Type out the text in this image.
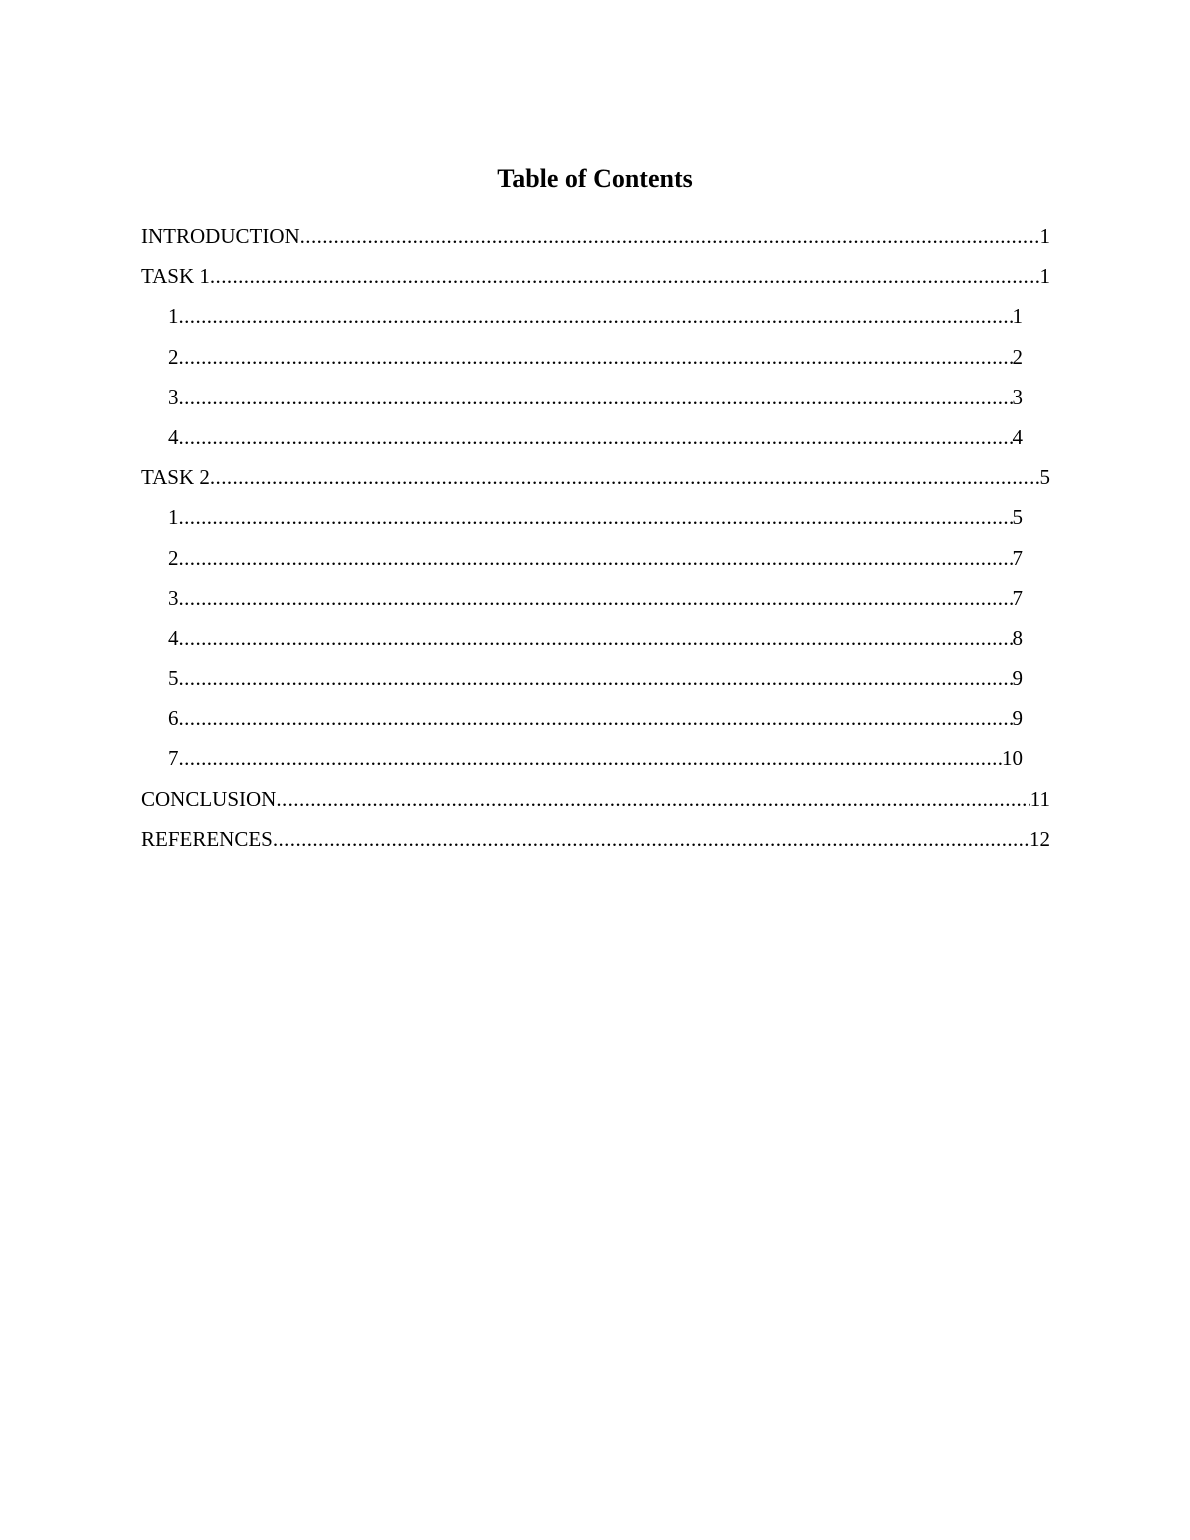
Table of Contents
INTRODUCTION .....	1
TASK 1 .....	1
1 .....	1
2 .....	2
3 .....	3
4 .....	4
TASK 2 .....	5
1 .....	5
2 .....	7
3 .....	7
4 .....	8
5 .....	9
6 .....	9
7 .....	10
CONCLUSION .....	11
REFERENCES .....	12
